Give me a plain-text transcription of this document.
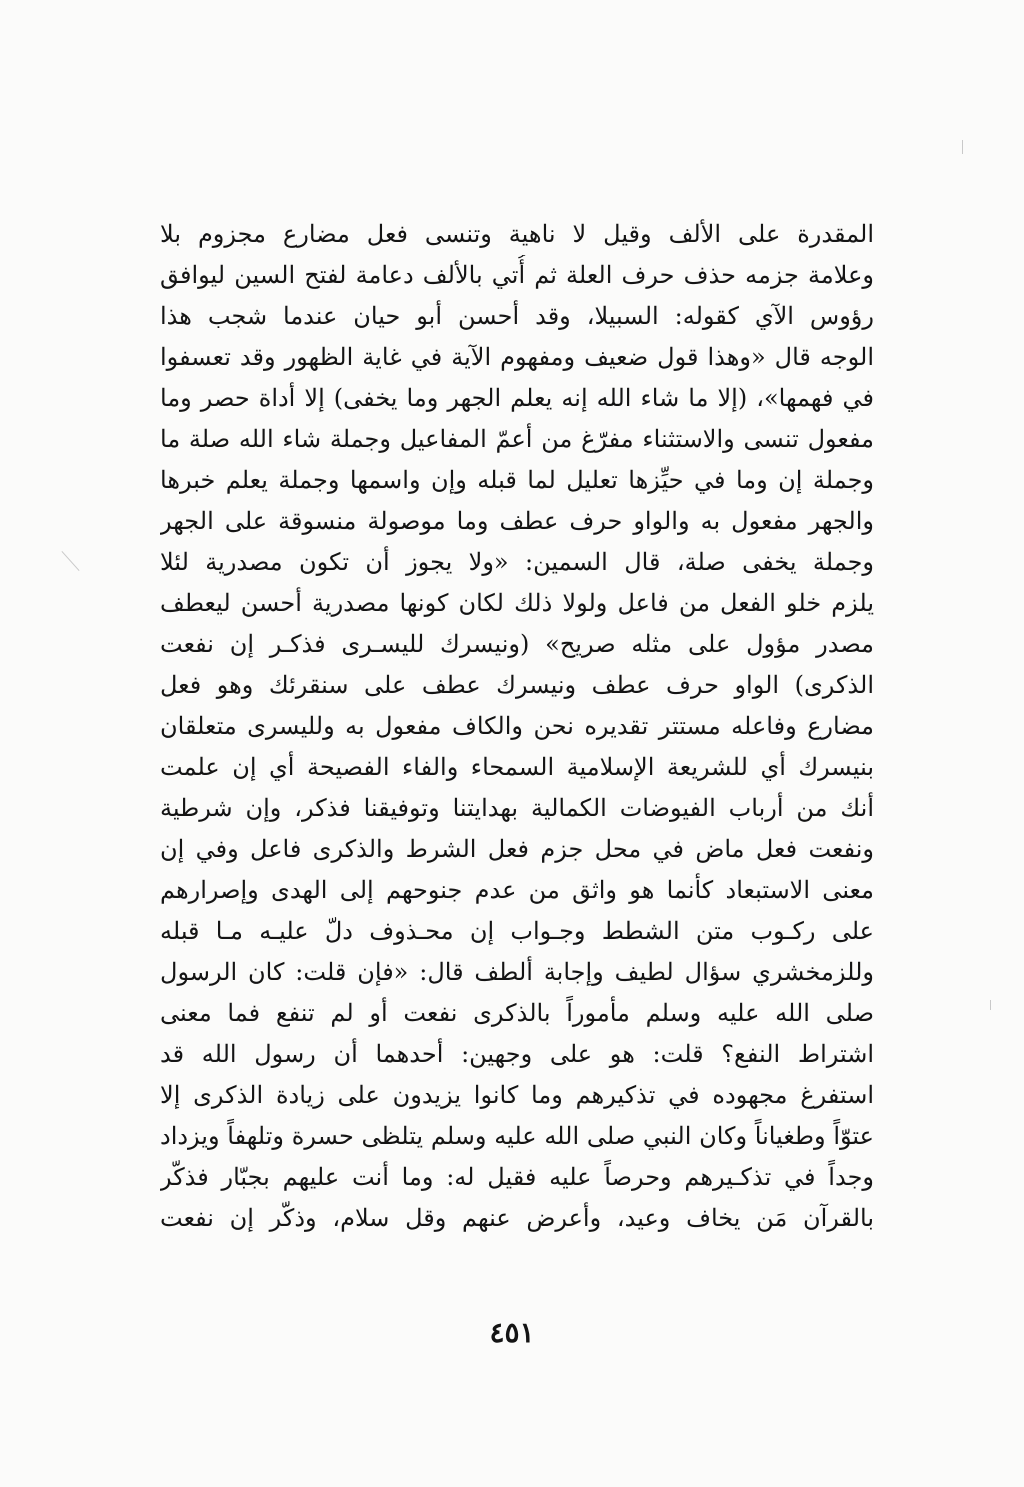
المقدرة على الألف وقيل لا ناهية وتنسى فعل مضارع مجزوم بلا
وعلامة جزمه حذف حرف العلة ثم أُتي بالألف دعامة لفتح السين ليوافق
رؤوس الآي كقوله: السبيلا، وقد أحسن أبو حيان عندما شجب هذا
الوجه قال «وهذا قول ضعيف ومفهوم الآية في غاية الظهور وقد تعسفوا
في فهمها»، (إلا ما شاء الله إنه يعلم الجهر وما يخفى) إلا أداة حصر وما
مفعول تنسى والاستثناء مفرّغ من أعمّ المفاعيل وجملة شاء الله صلة ما
وجملة إن وما في حيِّزها تعليل لما قبله وإن واسمها وجملة يعلم خبرها
والجهر مفعول به والواو حرف عطف وما موصولة منسوقة على الجهر
وجملة يخفى صلة، قال السمين: «ولا يجوز أن تكون مصدرية لئلا
يلزم خلو الفعل من فاعل ولولا ذلك لكان كونها مصدرية أحسن ليعطف
مصدر مؤول على مثله صريح» (ونيسرك لليسـرى فذكـر إن نفعت
الذكرى) الواو حرف عطف ونيسرك عطف على سنقرئك وهو فعل
مضارع وفاعله مستتر تقديره نحن والكاف مفعول به ولليسرى متعلقان
بنيسرك أي للشريعة الإسلامية السمحاء والفاء الفصيحة أي إن علمت
أنك من أرباب الفيوضات الكمالية بهدايتنا وتوفيقنا فذكر، وإن شرطية
ونفعت فعل ماض في محل جزم فعل الشرط والذكرى فاعل وفي إن
معنى الاستبعاد كأنما هو واثق من عدم جنوحهم إلى الهدى وإصرارهم
على ركـوب متن الشطط وجـواب إن محـذوف دلّ عليـه مـا قبله
وللزمخشري سؤال لطيف وإجابة ألطف قال: «فإن قلت: كان الرسول
صلى الله عليه وسلم مأموراً بالذكرى نفعت أو لم تنفع فما معنى
اشتراط النفع؟ قلت: هو على وجهين: أحدهما أن رسول الله قد
استفرغ مجهوده في تذكيرهم وما كانوا يزيدون على زيادة الذكرى إلا
عتوّاً وطغياناً وكان النبي صلى الله عليه وسلم يتلظى حسرة وتلهفاً ويزداد
وجداً في تذكـيرهم وحرصاً عليه فقيل له: وما أنت عليهم بجبّار فذكّر
بالقرآن مَن يخاف وعيد، وأعرض عنهم وقل سلام، وذكّر إن نفعت
٤٥١
